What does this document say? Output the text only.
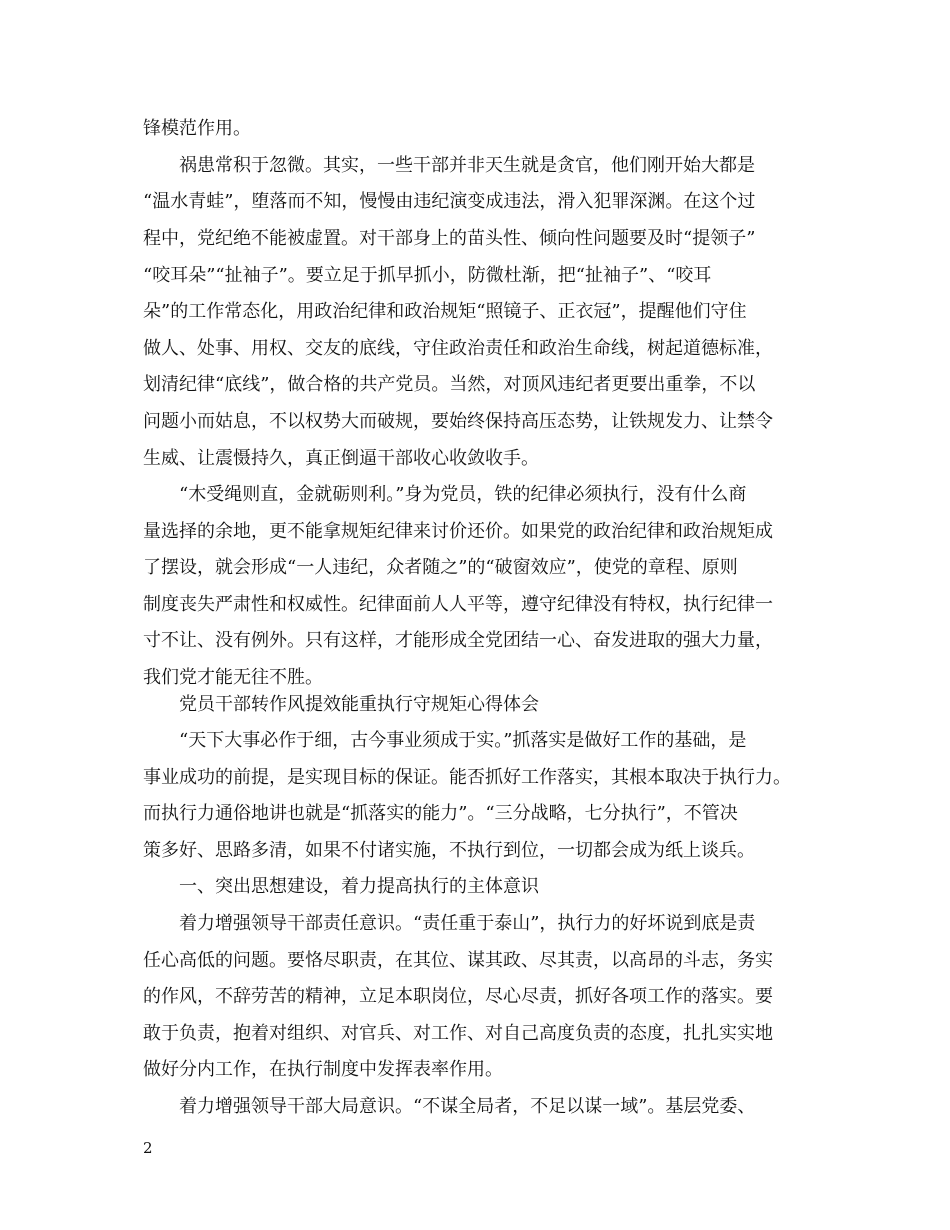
锋模范作用。
　　祸患常积于忽微。其实，一些干部并非天生就是贪官，他们刚开始大都是
“温水青蛙”，堕落而不知，慢慢由违纪演变成违法，滑入犯罪深渊。在这个过
程中，党纪绝不能被虚置。对干部身上的苗头性、倾向性问题要及时“提领子”
“咬耳朵”“扯袖子”。要立足于抓早抓小，防微杜渐，把“扯袖子”、“咬耳
朵”的工作常态化，用政治纪律和政治规矩“照镜子、正衣冠”，提醒他们守住
做人、处事、用权、交友的底线，守住政治责任和政治生命线，树起道德标准，
划清纪律“底线”，做合格的共产党员。当然，对顶风违纪者更要出重拳，不以
问题小而姑息，不以权势大而破规，要始终保持高压态势，让铁规发力、让禁令
生威、让震慑持久，真正倒逼干部收心收敛收手。
　　“木受绳则直，金就砺则利。”身为党员，铁的纪律必须执行，没有什么商
量选择的余地，更不能拿规矩纪律来讨价还价。如果党的政治纪律和政治规矩成
了摆设，就会形成“一人违纪，众者随之”的“破窗效应”，使党的章程、原则
制度丧失严肃性和权威性。纪律面前人人平等，遵守纪律没有特权，执行纪律一
寸不让、没有例外。只有这样，才能形成全党团结一心、奋发进取的强大力量，
我们党才能无往不胜。
　　党员干部转作风提效能重执行守规矩心得体会
　　“天下大事必作于细，古今事业须成于实。”抓落实是做好工作的基础，是
事业成功的前提，是实现目标的保证。能否抓好工作落实，其根本取决于执行力。
而执行力通俗地讲也就是“抓落实的能力”。“三分战略，七分执行”，不管决
策多好、思路多清，如果不付诸实施，不执行到位，一切都会成为纸上谈兵。
　　一、突出思想建设，着力提高执行的主体意识
　　着力增强领导干部责任意识。“责任重于泰山”，执行力的好坏说到底是责
任心高低的问题。要恪尽职责，在其位、谋其政、尽其责，以高昂的斗志，务实
的作风，不辞劳苦的精神，立足本职岗位，尽心尽责，抓好各项工作的落实。要
敢于负责，抱着对组织、对官兵、对工作、对自己高度负责的态度，扎扎实实地
做好分内工作，在执行制度中发挥表率作用。
　　着力增强领导干部大局意识。“不谋全局者，不足以谋一域”。基层党委、
2
